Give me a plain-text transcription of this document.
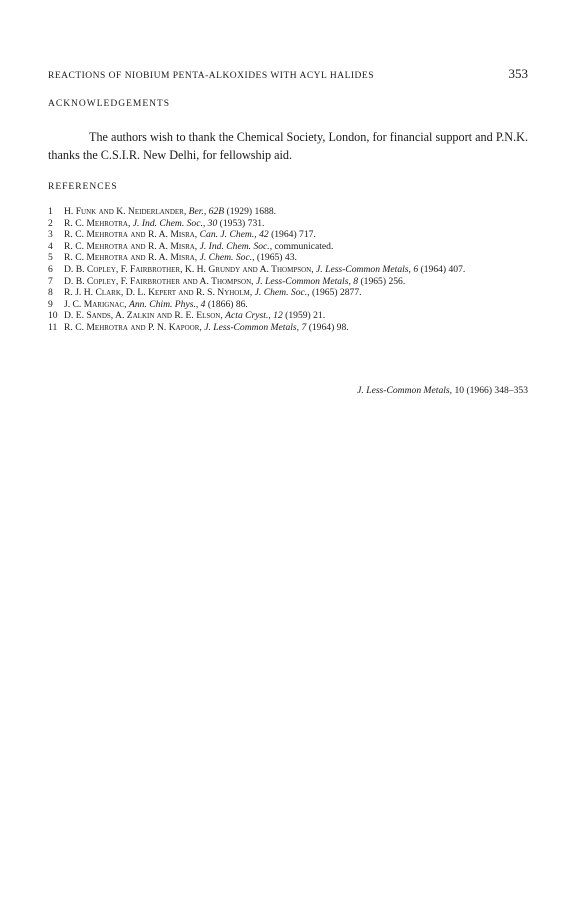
REACTIONS OF NIOBIUM PENTA-ALKOXIDES WITH ACYL HALIDES	353
ACKNOWLEDGEMENTS

The authors wish to thank the Chemical Society, London, for financial support and P.N.K. thanks the C.S.I.R. New Delhi, for fellowship aid.

REFERENCES
1	H. Funk and K. Neiderlander, Ber., 62B (1929) 1688.
2	R. C. Mehrotra, J. Ind. Chem. Soc., 30 (1953) 731.
3	R. C. Mehrotra and R. A. Misra, Can. J. Chem., 42 (1964) 717.
4	R. C. Mehrotra and R. A. Misra, J. Ind. Chem. Soc., communicated.
5	R. C. Mehrotra and R. A. Misra, J. Chem. Soc., (1965) 43.
6	D. B. Copley, F. Fairbrother, K. H. Grundy and A. Thompson, J. Less-Common Metals, 6 (1964) 407.
7	D. B. Copley, F. Fairbrother and A. Thompson, J. Less-Common Metals, 8 (1965) 256.
8	R. J. H. Clark, D. L. Kepert and R. S. Nyholm, J. Chem. Soc., (1965) 2877.
9	J. C. Marignac, Ann. Chim. Phys., 4 (1866) 86.
10 D. E. Sands, A. Zalkin and R. E. Elson, Acta Cryst., 12 (1959) 21.
11 R. C. Mehrotra and P. N. Kapoor, J. Less-Common Metals, 7 (1964) 98.
J. Less-Common Metals, 10 (1966) 348–353
